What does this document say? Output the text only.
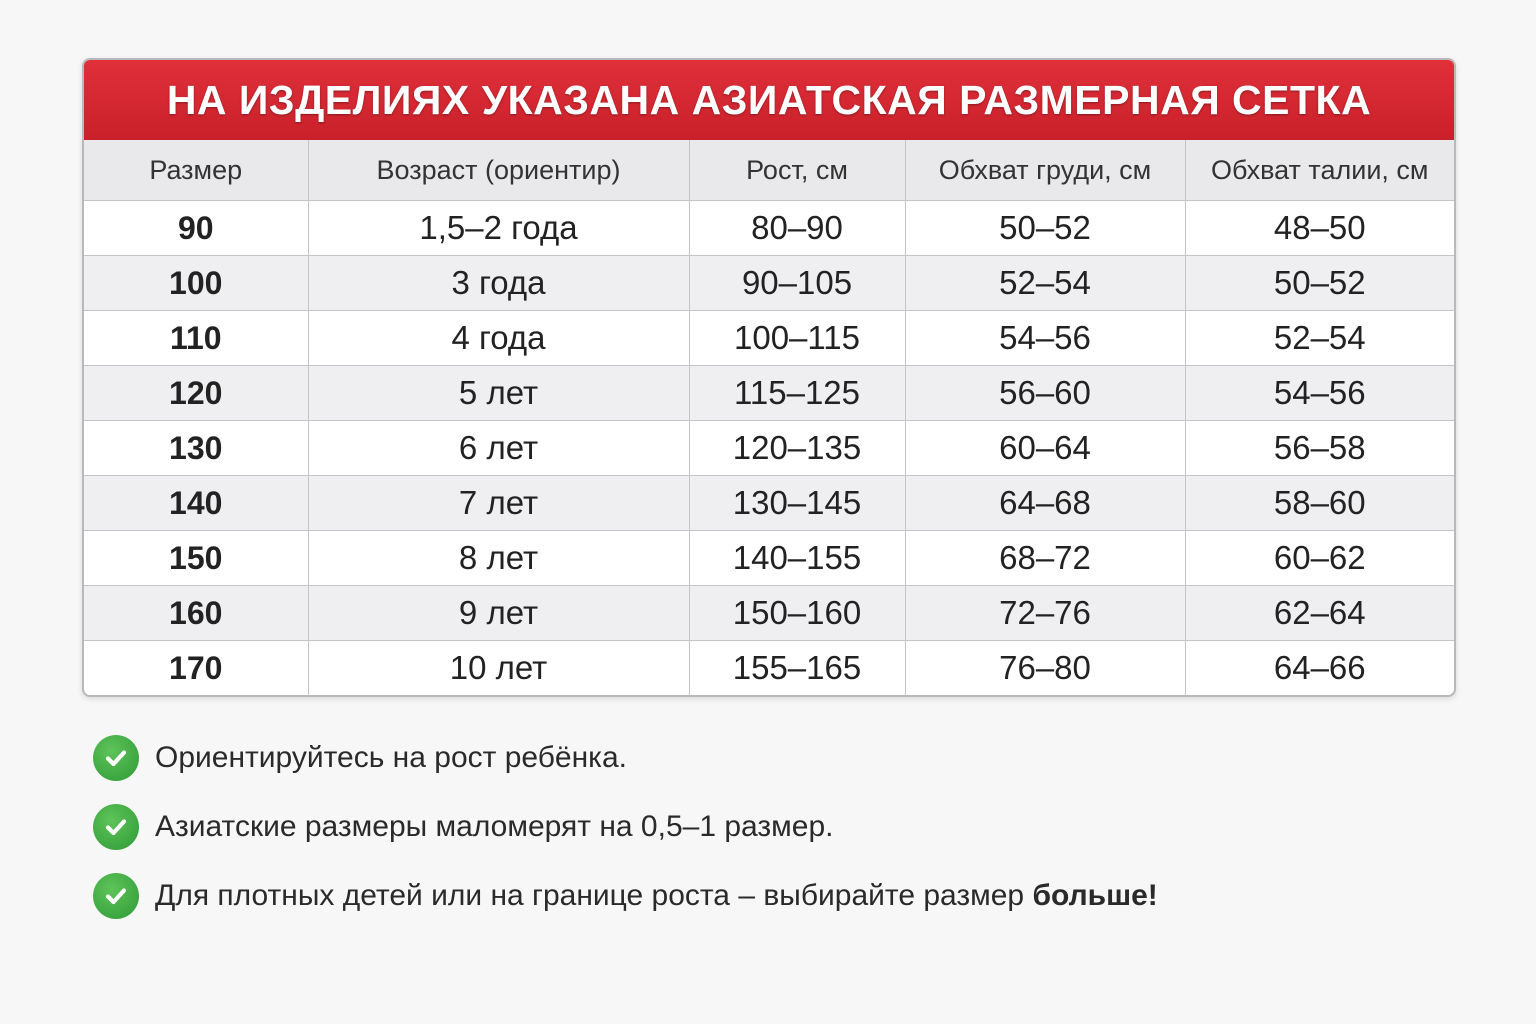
НА ИЗДЕЛИЯХ УКАЗАНА АЗИАТСКАЯ РАЗМЕРНАЯ СЕТКА
Размер	Возраст (ориентир)	Рост, см	Обхват груди, см	Обхват талии, см
90	1,5–2 года	80–90	50–52	48–50
100	3 года	90–105	52–54	50–52
110	4 года	100–115	54–56	52–54
120	5 лет	115–125	56–60	54–56
130	6 лет	120–135	60–64	56–58
140	7 лет	130–145	64–68	58–60
150	8 лет	140–155	68–72	60–62
160	9 лет	150–160	72–76	62–64
170	10 лет	155–165	76–80	64–66
Ориентируйтесь на рост ребёнка.
Азиатские размеры маломерят на 0,5–1 размер.
Для плотных детей или на границе роста – выбирайте размер больше!
